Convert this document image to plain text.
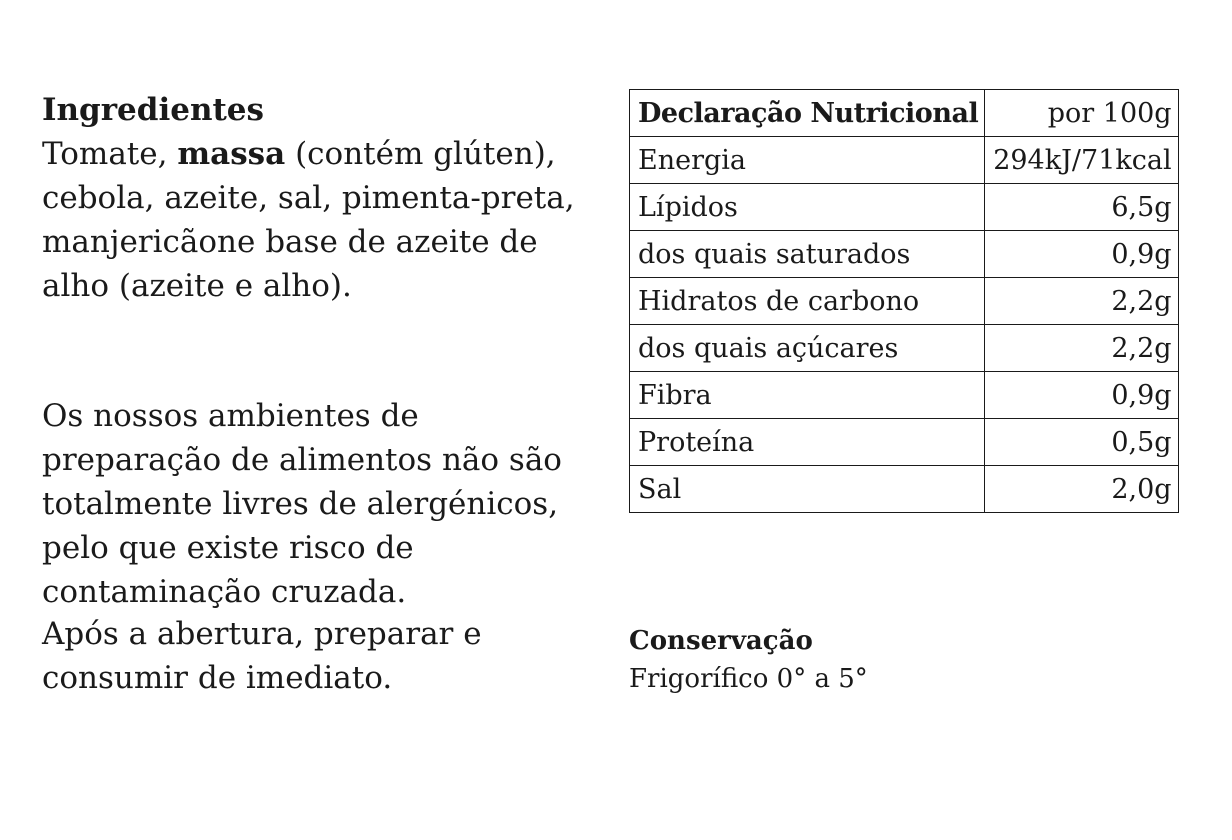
Ingredientes

Tomate, massa (contém glúten), cebola, azeite, sal, pimenta-preta, manjericãone base de azeite de alho (azeite e alho).

Os nossos ambientes de preparação de alimentos não são totalmente livres de alergénicos, pelo que existe risco de contaminação cruzada.

Após a abertura, preparar e consumir de imediato.

Declaração Nutricional	por 100g
Energia	294kJ/71kcal
Lípidos	6,5g
dos quais saturados	0,9g
Hidratos de carbono	2,2g
dos quais açúcares	2,2g
Fibra	0,9g
Proteína	0,5g
Sal	2,0g
Conservação
Frigorífico 0° a 5°
